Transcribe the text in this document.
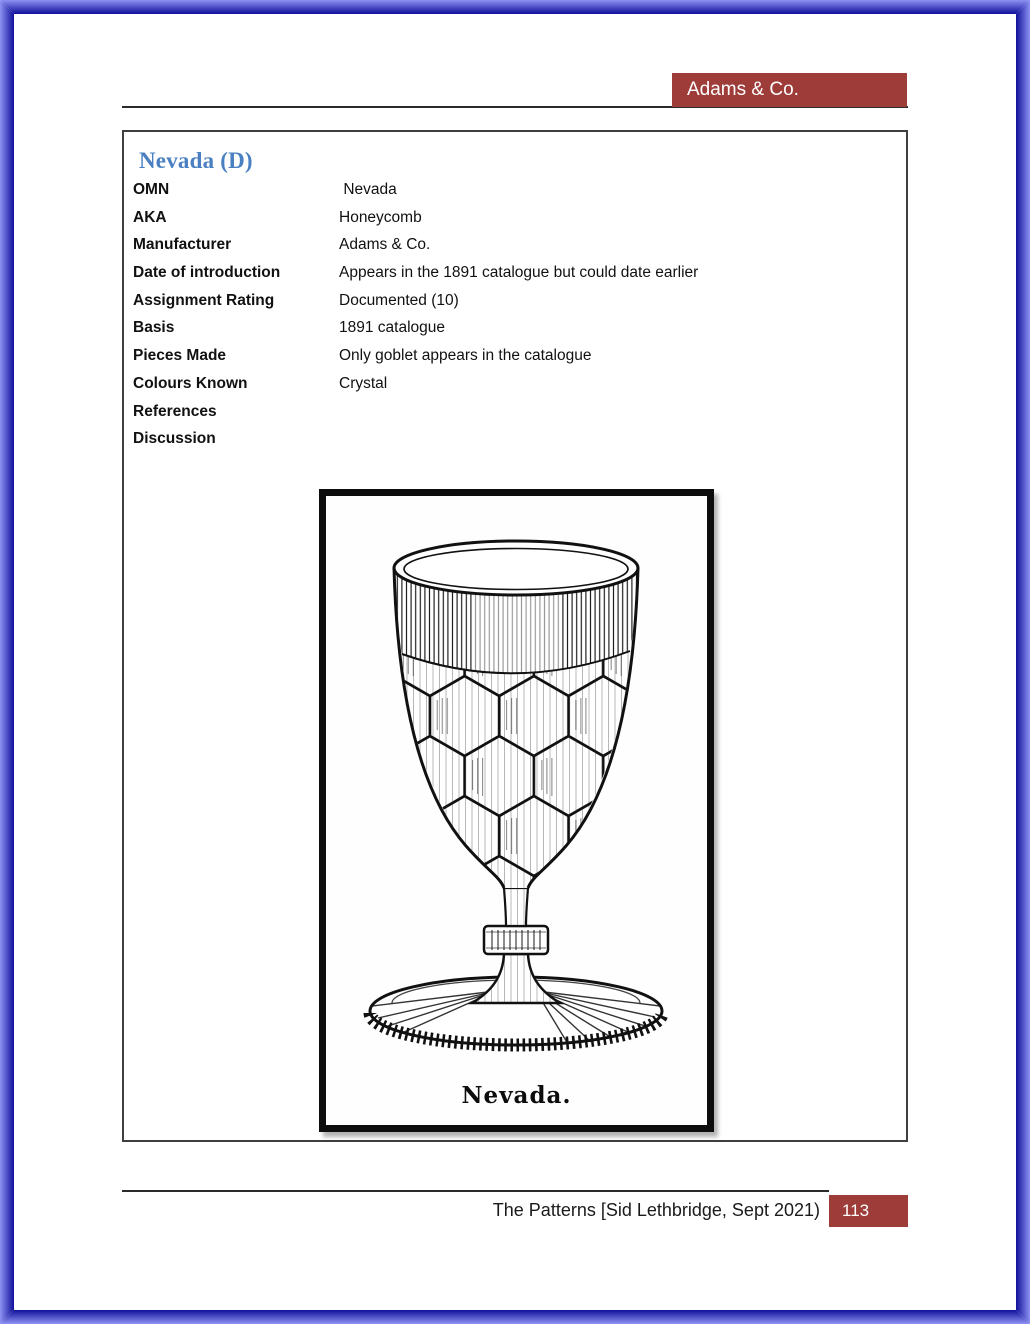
Adams & Co.
Nevada (D)
OMN	Nevada
AKA	Honeycomb
Manufacturer	Adams & Co.
Date of introduction	Appears in the 1891 catalogue but could date earlier
Assignment Rating	Documented (10)
Basis	1891 catalogue
Pieces Made	Only goblet appears in the catalogue
Colours Known	Crystal
References
Discussion
Nevada.
The Patterns [Sid Lethbridge, Sept 2021)	113
